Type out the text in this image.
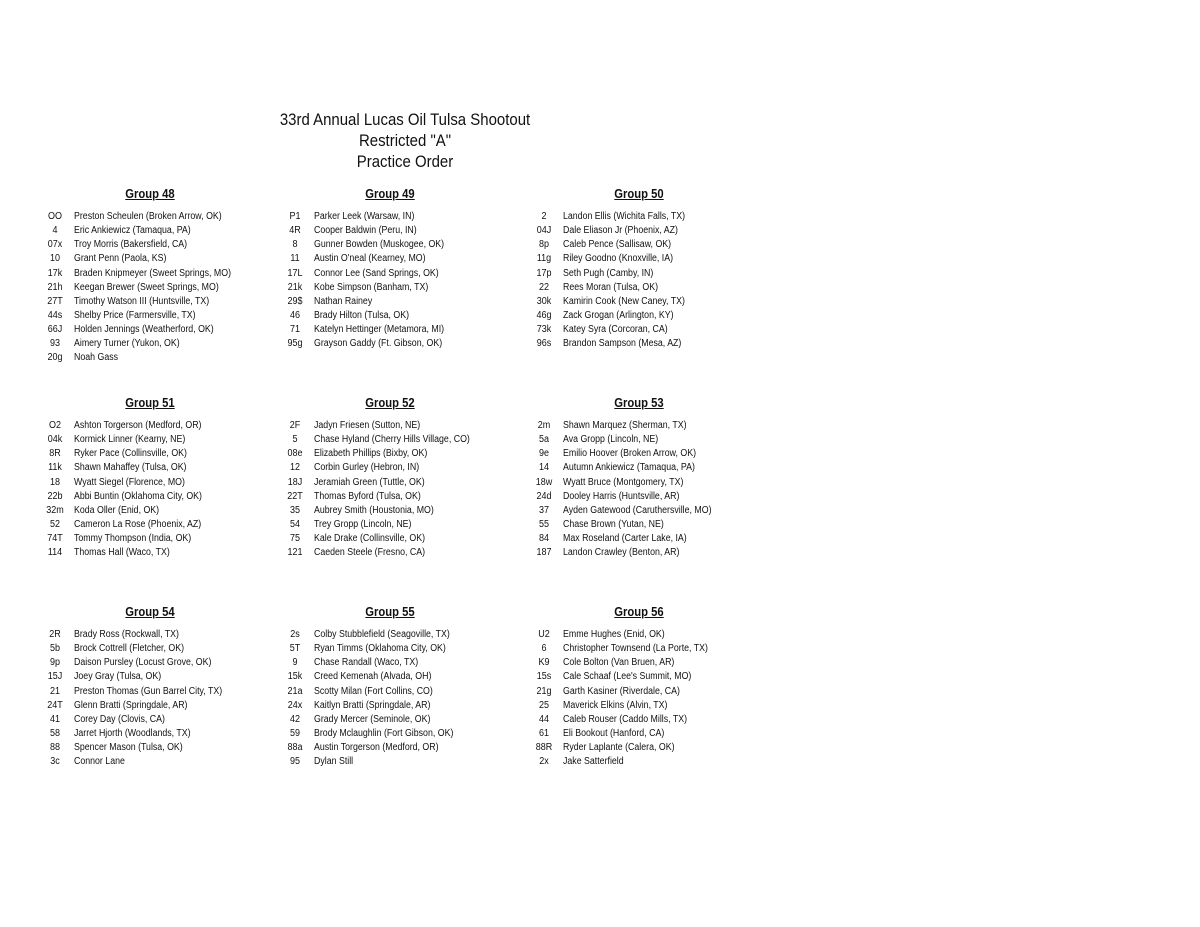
33rd Annual Lucas Oil Tulsa Shootout
Restricted "A"
Practice Order
Group 48
OO	Preston Scheulen (Broken Arrow, OK)
4	Eric Ankiewicz (Tamaqua, PA)
07x	Troy Morris (Bakersfield, CA)
10	Grant Penn (Paola, KS)
17k	Braden Knipmeyer (Sweet Springs, MO)
21h	Keegan Brewer (Sweet Springs, MO)
27T	Timothy Watson III (Huntsville, TX)
44s	Shelby Price (Farmersville, TX)
66J	Holden Jennings (Weatherford, OK)
93	Aimery Turner (Yukon, OK)
20g	Noah Gass
Group 49
P1	Parker Leek (Warsaw, IN)
4R	Cooper Baldwin (Peru, IN)
8	Gunner Bowden (Muskogee, OK)
11	Austin O'neal (Kearney, MO)
17L	Connor Lee (Sand Springs, OK)
21k	Kobe Simpson (Banham, TX)
29$	Nathan Rainey
46	Brady Hilton (Tulsa, OK)
71	Katelyn Hettinger (Metamora, MI)
95g	Grayson Gaddy (Ft. Gibson, OK)
Group 50
2	Landon Ellis (Wichita Falls, TX)
04J	Dale Eliason Jr (Phoenix, AZ)
8p	Caleb Pence (Sallisaw, OK)
11g	Riley Goodno (Knoxville, IA)
17p	Seth Pugh (Camby, IN)
22	Rees Moran (Tulsa, OK)
30k	Kamirin Cook (New Caney, TX)
46g	Zack Grogan (Arlington, KY)
73k	Katey Syra (Corcoran, CA)
96s	Brandon Sampson (Mesa, AZ)
Group 51
O2	Ashton Torgerson (Medford, OR)
04k	Kormick Linner (Kearny, NE)
8R	Ryker Pace (Collinsville, OK)
11k	Shawn Mahaffey (Tulsa, OK)
18	Wyatt Siegel (Florence, MO)
22b	Abbi Buntin (Oklahoma City, OK)
32m	Koda Oller (Enid, OK)
52	Cameron La Rose (Phoenix, AZ)
74T	Tommy Thompson (India, OK)
114	Thomas Hall (Waco, TX)
Group 52
2F	Jadyn Friesen (Sutton, NE)
5	Chase Hyland (Cherry Hills Village, CO)
08e	Elizabeth Phillips (Bixby, OK)
12	Corbin Gurley (Hebron, IN)
18J	Jeramiah Green (Tuttle, OK)
22T	Thomas Byford (Tulsa, OK)
35	Aubrey Smith (Houstonia, MO)
54	Trey Gropp (Lincoln, NE)
75	Kale Drake (Collinsville, OK)
121	Caeden Steele (Fresno, CA)
Group 53
2m	Shawn Marquez (Sherman, TX)
5a	Ava Gropp (Lincoln, NE)
9e	Emilio Hoover (Broken Arrow, OK)
14	Autumn Ankiewicz (Tamaqua, PA)
18w	Wyatt Bruce (Montgomery, TX)
24d	Dooley Harris (Huntsville, AR)
37	Ayden Gatewood (Caruthersville, MO)
55	Chase Brown (Yutan, NE)
84	Max Roseland (Carter Lake, IA)
187	Landon Crawley (Benton, AR)
Group 54
2R	Brady Ross (Rockwall, TX)
5b	Brock Cottrell (Fletcher, OK)
9p	Daison Pursley (Locust Grove, OK)
15J	Joey Gray (Tulsa, OK)
21	Preston Thomas (Gun Barrel City, TX)
24T	Glenn Bratti (Springdale, AR)
41	Corey Day (Clovis, CA)
58	Jarret Hjorth (Woodlands, TX)
88	Spencer Mason (Tulsa, OK)
3c	Connor Lane
Group 55
2s	Colby Stubblefield (Seagoville, TX)
5T	Ryan Timms (Oklahoma City, OK)
9	Chase Randall (Waco, TX)
15k	Creed Kemenah (Alvada, OH)
21a	Scotty Milan (Fort Collins, CO)
24x	Kaitlyn Bratti (Springdale, AR)
42	Grady Mercer (Seminole, OK)
59	Brody Mclaughlin (Fort Gibson, OK)
88a	Austin Torgerson (Medford, OR)
95	Dylan Still
Group 56
U2	Emme Hughes (Enid, OK)
6	Christopher Townsend (La Porte, TX)
K9	Cole Bolton (Van Bruen, AR)
15s	Cale Schaaf (Lee's Summit, MO)
21g	Garth Kasiner (Riverdale, CA)
25	Maverick Elkins (Alvin, TX)
44	Caleb Rouser (Caddo Mills, TX)
61	Eli Bookout (Hanford, CA)
88R	Ryder Laplante (Calera, OK)
2x	Jake Satterfield
